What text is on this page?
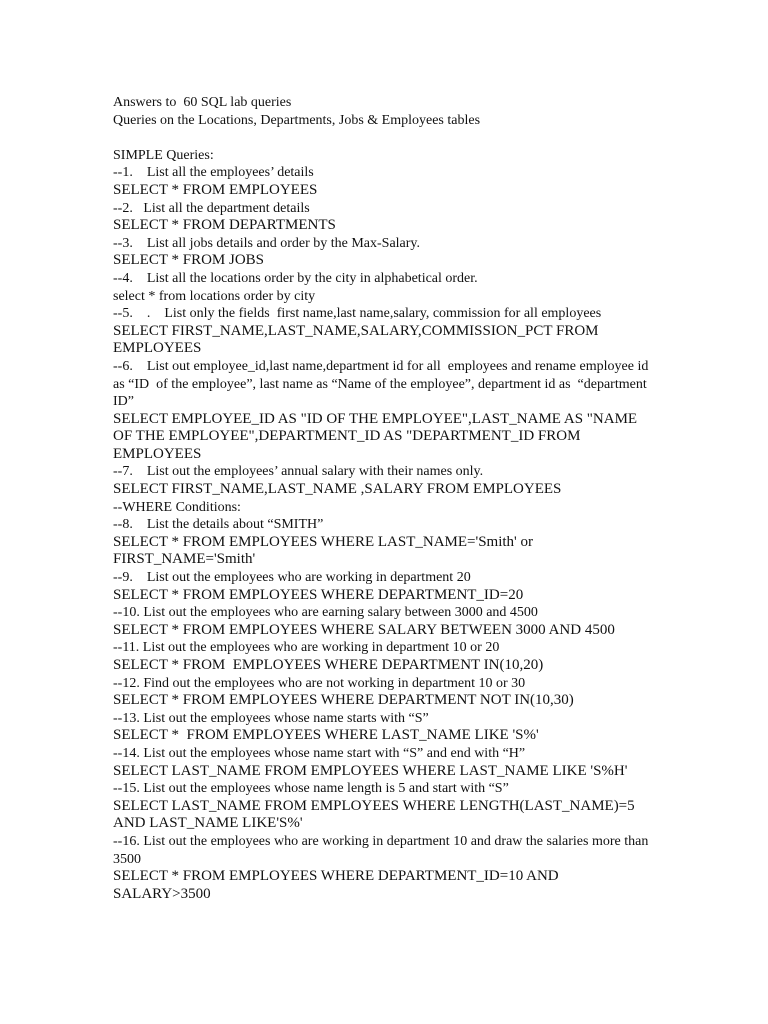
Answers to  60 SQL lab queries

Queries on the Locations, Departments, Jobs & Employees tables

SIMPLE Queries:

--1.    List all the employees’ details

SELECT * FROM EMPLOYEES

--2.   List all the department details

SELECT * FROM DEPARTMENTS

--3.    List all jobs details and order by the Max-Salary.

SELECT * FROM JOBS

--4.    List all the locations order by the city in alphabetical order.

select * from locations order by city

--5.    .    List only the fields  first name,last name,salary, commission for all employees

SELECT FIRST_NAME,LAST_NAME,SALARY,COMMISSION_PCT FROM EMPLOYEES

--6.    List out employee_id,last name,department id for all  employees and rename employee id as “ID  of the employee”, last name as “Name of the employee”, department id as  “department  ID”

SELECT EMPLOYEE_ID AS "ID OF THE EMPLOYEE",LAST_NAME AS "NAME OF THE EMPLOYEE",DEPARTMENT_ID AS "DEPARTMENT_ID FROM EMPLOYEES

--7.    List out the employees’ annual salary with their names only.

SELECT FIRST_NAME,LAST_NAME ,SALARY FROM EMPLOYEES

--WHERE Conditions:

--8.    List the details about “SMITH”

SELECT * FROM EMPLOYEES WHERE LAST_NAME='Smith' or FIRST_NAME='Smith'

--9.    List out the employees who are working in department 20

SELECT * FROM EMPLOYEES WHERE DEPARTMENT_ID=20

--10. List out the employees who are earning salary between 3000 and 4500

SELECT * FROM EMPLOYEES WHERE SALARY BETWEEN 3000 AND 4500

--11. List out the employees who are working in department 10 or 20

SELECT * FROM  EMPLOYEES WHERE DEPARTMENT IN(10,20)

--12. Find out the employees who are not working in department 10 or 30

SELECT * FROM EMPLOYEES WHERE DEPARTMENT NOT IN(10,30)

--13. List out the employees whose name starts with “S”

SELECT *  FROM EMPLOYEES WHERE LAST_NAME LIKE 'S%'

--14. List out the employees whose name start with “S” and end with “H”

SELECT LAST_NAME FROM EMPLOYEES WHERE LAST_NAME LIKE 'S%H'

--15. List out the employees whose name length is 5 and start with “S”

SELECT LAST_NAME FROM EMPLOYEES WHERE LENGTH(LAST_NAME)=5 AND LAST_NAME LIKE'S%'

--16. List out the employees who are working in department 10 and draw the salaries more than 3500

SELECT * FROM EMPLOYEES WHERE DEPARTMENT_ID=10 AND SALARY>3500
